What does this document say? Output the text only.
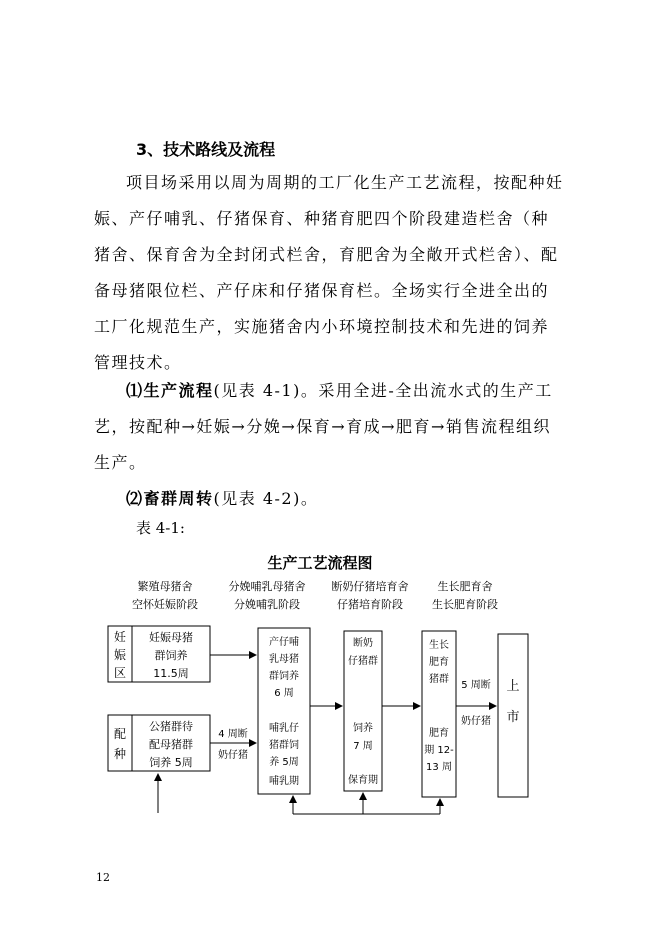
3、技术路线及流程
项目场采用以周为周期的工厂化生产工艺流程，按配种妊娠、产仔哺乳、仔猪保育、种猪育肥四个阶段建造栏舍（种猪舍、保育舍为全封闭式栏舍，育肥舍为全敞开式栏舍）、配备母猪限位栏、产仔床和仔猪保育栏。全场实行全进全出的工厂化规范生产，实施猪舍内小环境控制技术和先进的饲养管理技术。
⑴生产流程(见表 4-1)。采用全进-全出流水式的生产工艺，按配种→妊娠→分娩→保育→育成→肥育→销售流程组织生产。
⑵畜群周转(见表 4-2)。
表 4-1:
生产工艺流程图
繁殖母猪舍
空怀妊娠阶段
分娩哺乳母猪舍
分娩哺乳阶段
断奶仔猪培育舍
仔猪培育阶段
生长肥育舍
生长肥育阶段
妊
娠
区
妊娠母猪
群饲养
11.5周
配
种
公猪群待
配母猪群
饲养 5周
4 周断
奶仔猪
产仔哺
乳母猪
群饲养
6 周
哺乳仔
猪群饲
养 5周
哺乳期
断奶
仔猪群
饲养
7 周
保育期
生长
肥育
猪群
肥育
期 12-
13 周
5 周断
奶仔猪
上
市
12
